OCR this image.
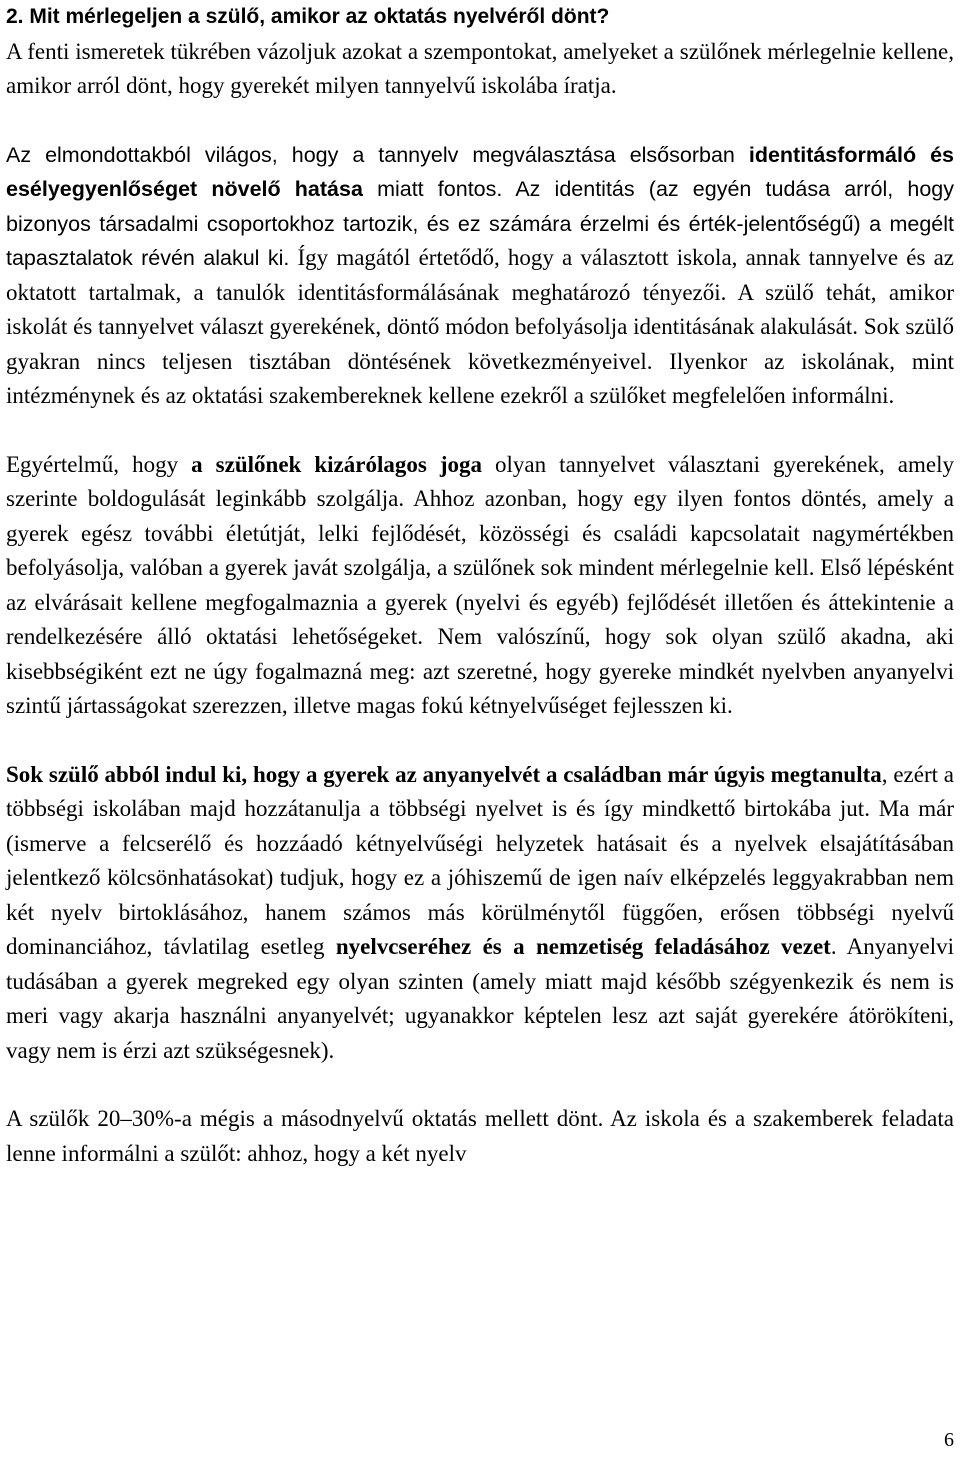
2. Mit mérlegeljen a szülő, amikor az oktatás nyelvéről dönt?

A fenti ismeretek tükrében vázoljuk azokat a szempontokat, amelyeket a szülőnek mérlegelnie kellene, amikor arról dönt, hogy gyerekét milyen tannyelvű iskolába íratja.

Az elmondottakból világos, hogy a tannyelv megválasztása elsősorban identitásformáló és esélyegyenlőséget növelő hatása miatt fontos. Az identitás (az egyén tudása arról, hogy bizonyos társadalmi csoportokhoz tartozik, és ez számára érzelmi és érték-jelentőségű) a megélt tapasztalatok révén alakul ki. Így magától értetődő, hogy a választott iskola, annak tannyelve és az oktatott tartalmak, a tanulók identitásformálásának meghatározó tényezői. A szülő tehát, amikor iskolát és tannyelvet választ gyerekének, döntő módon befolyásolja identitásának alakulását. Sok szülő gyakran nincs teljesen tisztában döntésének következményeivel. Ilyenkor az iskolának, mint intézménynek és az oktatási szakembereknek kellene ezekről a szülőket megfelelően informálni.

Egyértelmű, hogy a szülőnek kizárólagos joga olyan tannyelvet választani gyerekének, amely szerinte boldogulását leginkább szolgálja. Ahhoz azonban, hogy egy ilyen fontos döntés, amely a gyerek egész további életútját, lelki fejlődését, közösségi és családi kapcsolatait nagymértékben befolyásolja, valóban a gyerek javát szolgálja, a szülőnek sok mindent mérlegelnie kell. Első lépésként az elvárásait kellene megfogalmaznia a gyerek (nyelvi és egyéb) fejlődését illetően és áttekintenie a rendelkezésére álló oktatási lehetőségeket. Nem valószínű, hogy sok olyan szülő akadna, aki kisebbségiként ezt ne úgy fogalmazná meg: azt szeretné, hogy gyereke mindkét nyelvben anyanyelvi szintű jártasságokat szerezzen, illetve magas fokú kétnyelvűséget fejlesszen ki.

Sok szülő abból indul ki, hogy a gyerek az anyanyelvét a családban már úgyis megtanulta, ezért a többségi iskolában majd hozzátanulja a többségi nyelvet is és így mindkettő birtokába jut. Ma már (ismerve a felcserélő és hozzáadó kétnyelvűségi helyzetek hatásait és a nyelvek elsajátításában jelentkező kölcsönhatásokat) tudjuk, hogy ez a jóhiszemű de igen naív elképzelés leggyakrabban nem két nyelv birtoklásához, hanem számos más körülménytől függően, erősen többségi nyelvű dominanciához, távlatilag esetleg nyelvcseréhez és a nemzetiség feladásához vezet. Anyanyelvi tudásában a gyerek megreked egy olyan szinten (amely miatt majd később szégyenkezik és nem is meri vagy akarja használni anyanyelvét; ugyanakkor képtelen lesz azt saját gyerekére átörökíteni, vagy nem is érzi azt szükségesnek).

A szülők 20–30%-a mégis a másodnyelvű oktatás mellett dönt. Az iskola és a szakemberek feladata lenne informálni a szülőt: ahhoz, hogy a két nyelv

6
